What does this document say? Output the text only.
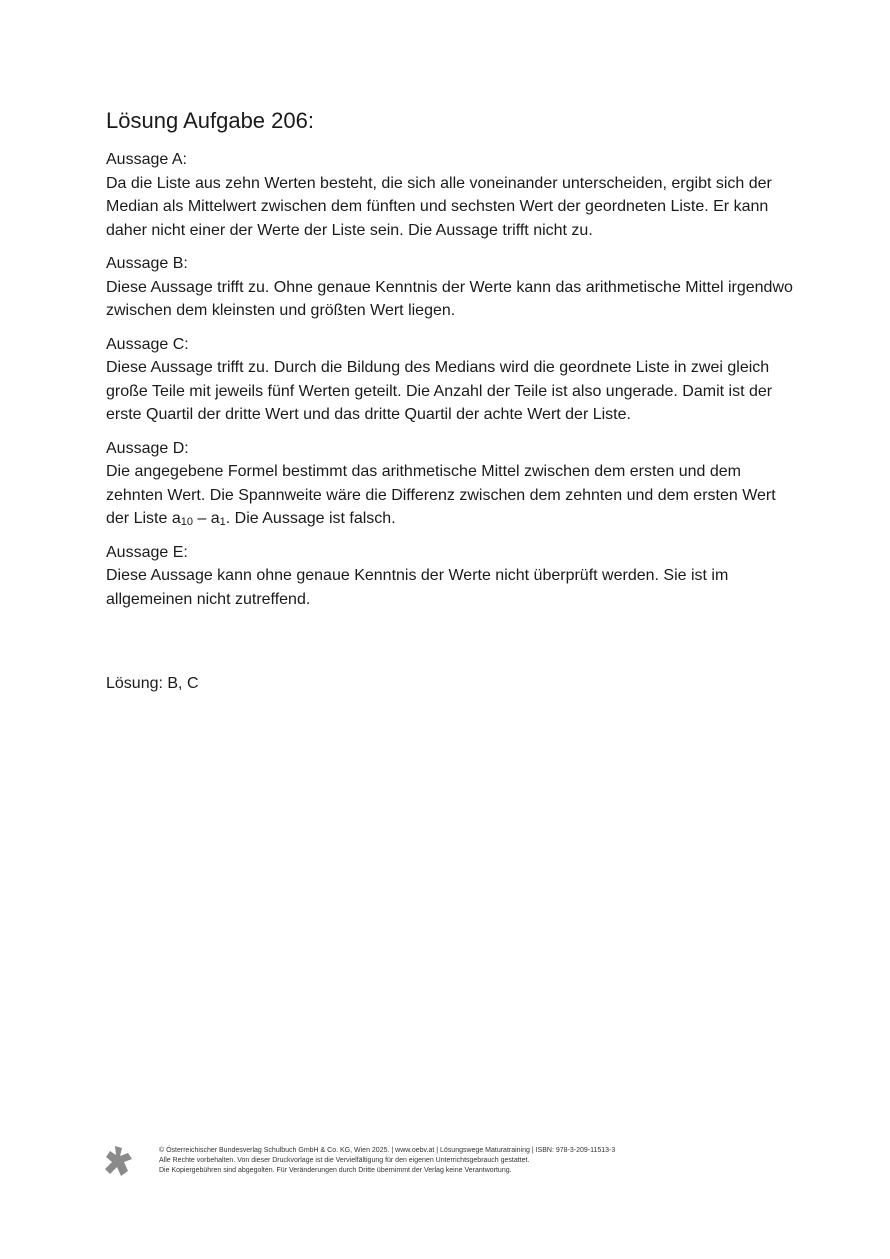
Lösung Aufgabe 206:

Aussage A:

Da die Liste aus zehn Werten besteht, die sich alle voneinander unterscheiden, ergibt sich der Median als Mittelwert zwischen dem fünften und sechsten Wert der geordneten Liste. Er kann daher nicht einer der Werte der Liste sein. Die Aussage trifft nicht zu.

Aussage B:

Diese Aussage trifft zu. Ohne genaue Kenntnis der Werte kann das arithmetische Mittel irgendwo zwischen dem kleinsten und größten Wert liegen.

Aussage C:

Diese Aussage trifft zu. Durch die Bildung des Medians wird die geordnete Liste in zwei gleich große Teile mit jeweils fünf Werten geteilt. Die Anzahl der Teile ist also ungerade. Damit ist der erste Quartil der dritte Wert und das dritte Quartil der achte Wert der Liste.

Aussage D:

Die angegebene Formel bestimmt das arithmetische Mittel zwischen dem ersten und dem zehnten Wert. Die Spannweite wäre die Differenz zwischen dem zehnten und dem ersten Wert der Liste $a_{10} - a_1$. Die Aussage ist falsch.

Aussage E:

Diese Aussage kann ohne genaue Kenntnis der Werte nicht überprüft werden. Sie ist im allgemeinen nicht zutreffend.

Lösung: B, C
© Österreichischer Bundesverlag Schulbuch GmbH & Co. KG, Wien 2025. | www.oebv.at | Lösungswege Maturatraining | ISBN: 978-3-209-11513-3
Alle Rechte vorbehalten. Von dieser Druckvorlage ist die Vervielfältigung für den eigenen Unterrichtsgebrauch gestattet.
Die Kopiergebühren sind abgegolten. Für Veränderungen durch Dritte übernimmt der Verlag keine Verantwortung.
